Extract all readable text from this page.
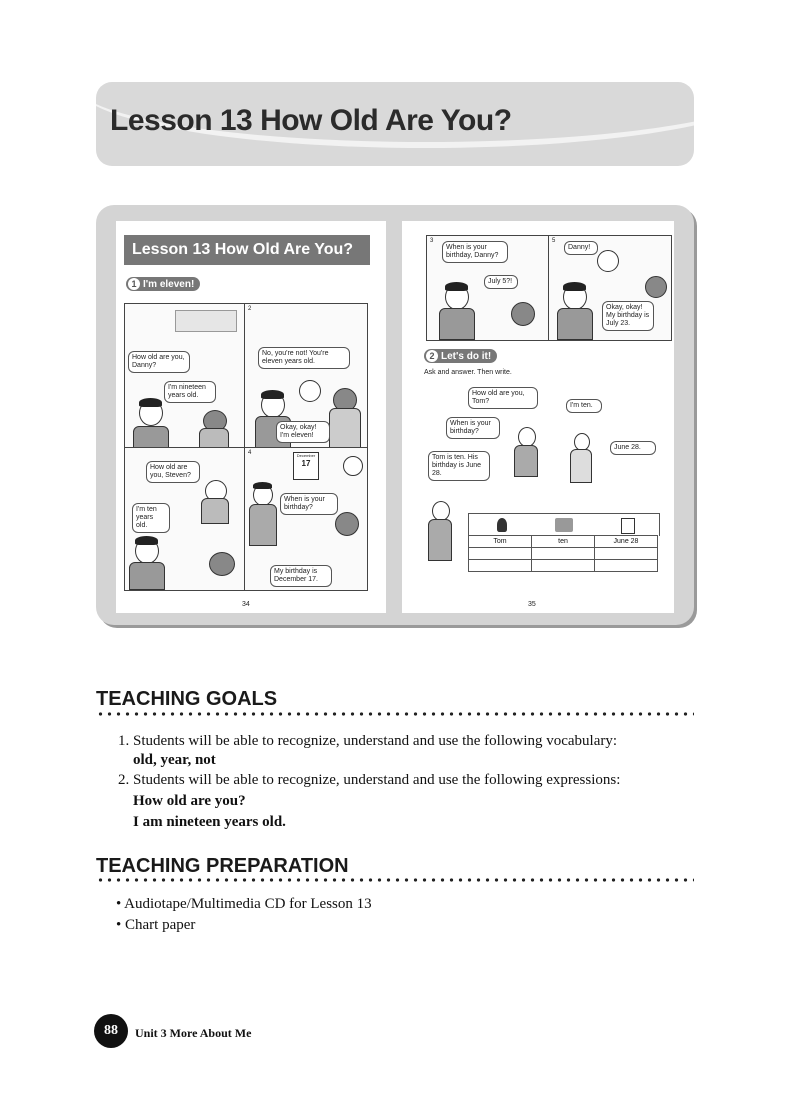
Lesson 13 How Old Are You?
Lesson 13 How Old Are You?
1 I'm eleven!
2
4	December
17
How old are you, Danny?
I'm nineteen years old.
No, you're not! You're eleven years old.
Okay, okay! I'm eleven!
How old are you, Steven?
I'm ten years old.
When is your birthday?
My birthday is December 17.
34
3	5
When is your birthday, Danny?
July 5?!
Danny!
Okay, okay! My birthday is July 23.
2 Let's do it!
Ask and answer. Then write.
How old are you, Tom?
I'm ten.
When is your birthday?
June 28.
Tom is ten. His birthday is June 28.
Tom	ten	June 28

35
TEACHING GOALS
1. Students will be able to recognize, understand and use the following vocabulary:
old, year, not
2. Students will be able to recognize, understand and use the following expressions:
How old are you?
I am nineteen years old.
TEACHING PREPARATION
• Audiotape/Multimedia CD for Lesson 13
• Chart paper
88	Unit 3 More About Me
